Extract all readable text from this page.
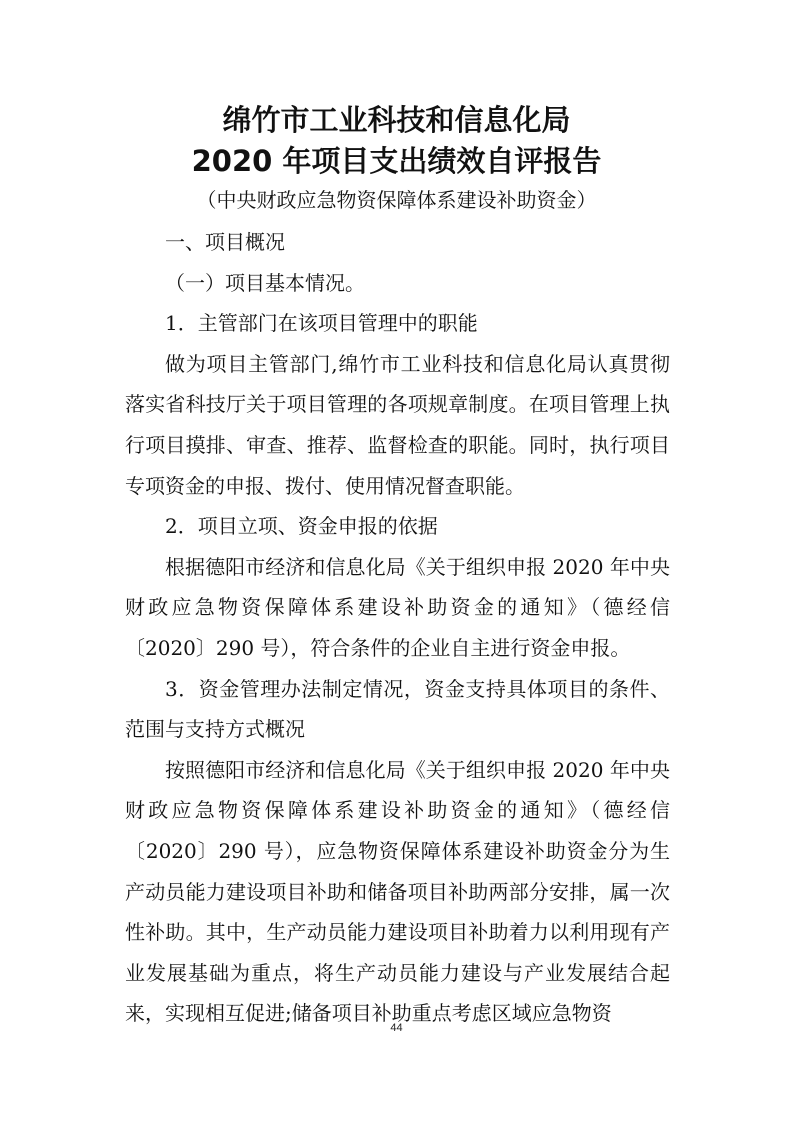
绵竹市工业科技和信息化局
2020 年项目支出绩效自评报告

（中央财政应急物资保障体系建设补助资金）

一、项目概况

（一）项目基本情况。

1．主管部门在该项目管理中的职能

做为项目主管部门,绵竹市工业科技和信息化局认真贯彻落实省科技厅关于项目管理的各项规章制度。在项目管理上执行项目摸排、审查、推荐、监督检查的职能。同时，执行项目专项资金的申报、拨付、使用情况督查职能。

2．项目立项、资金申报的依据

根据德阳市经济和信息化局《关于组织申报 2020 年中央财政应急物资保障体系建设补助资金的通知》（德经信〔2020〕290 号），符合条件的企业自主进行资金申报。

3．资金管理办法制定情况，资金支持具体项目的条件、范围与支持方式概况

按照德阳市经济和信息化局《关于组织申报 2020 年中央财政应急物资保障体系建设补助资金的通知》（德经信〔2020〕290 号），应急物资保障体系建设补助资金分为生产动员能力建设项目补助和储备项目补助两部分安排，属一次性补助。其中，生产动员能力建设项目补助着力以利用现有产业发展基础为重点，将生产动员能力建设与产业发展结合起来，实现相互促进;储备项目补助重点考虑区域应急物资

44
